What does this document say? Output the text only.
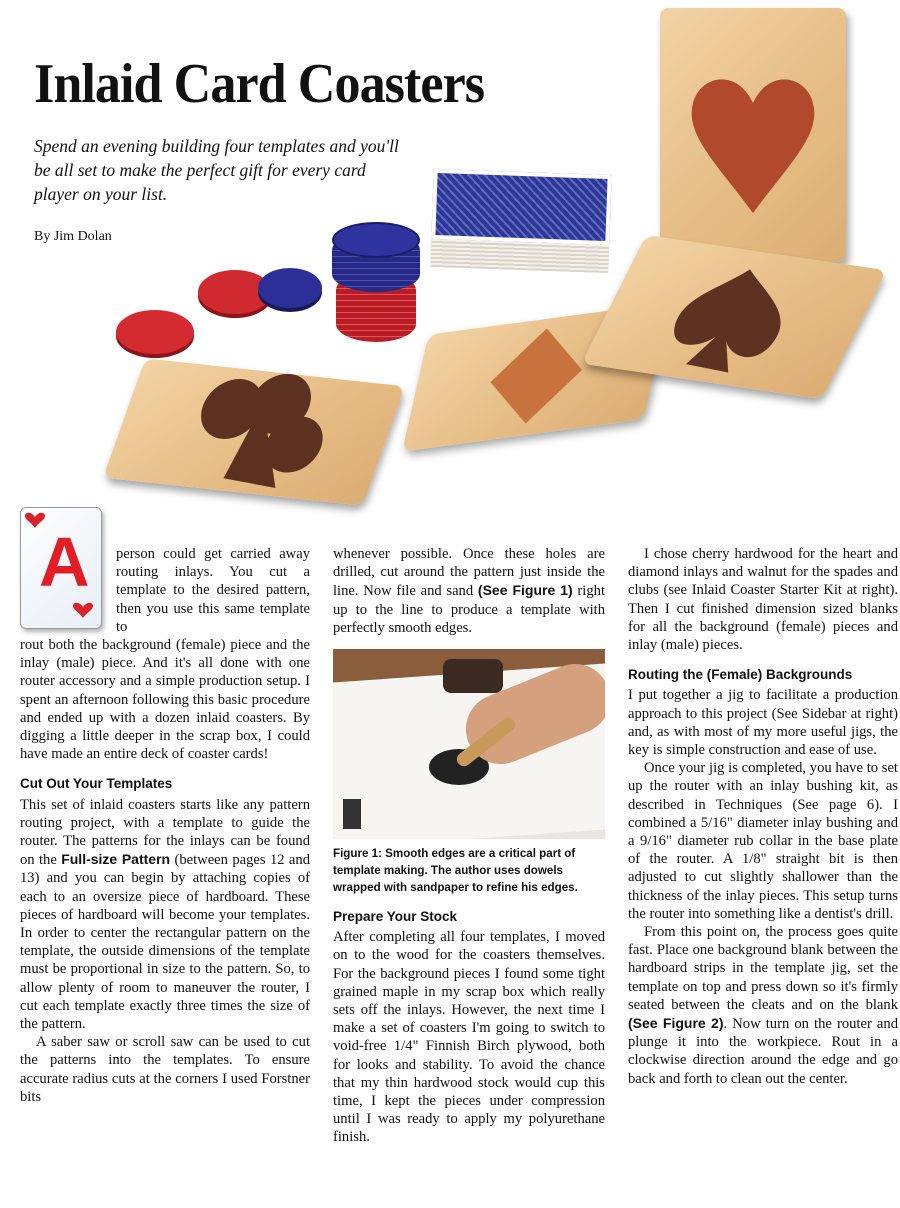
Inlaid Card Coasters

Spend an evening building four templates and you'll be all set to make the perfect gift for every card player on your list.

By Jim Dolan

A person could get carried away routing inlays. You cut a template to the desired pattern, then you use this same template to
rout both the background (female) piece and the inlay (male) piece. And it's all done with one router accessory and a simple production setup. I spent an afternoon following this basic procedure and ended up with a dozen inlaid coasters. By digging a little deeper in the scrap box, I could have made an entire deck of coaster cards!

Cut Out Your Templates

This set of inlaid coasters starts like any pattern routing project, with a template to guide the router. The patterns for the inlays can be found on the Full-size Pattern (between pages 12 and 13) and you can begin by attaching copies of each to an oversize piece of hardboard. These pieces of hardboard will become your templates. In order to center the rectangular pattern on the template, the outside dimensions of the template must be proportional in size to the pattern. So, to allow plenty of room to maneuver the router, I cut each template exactly three times the size of the pattern.

A saber saw or scroll saw can be used to cut the patterns into the templates. To ensure accurate radius cuts at the corners I used Forstner bits

whenever possible. Once these holes are drilled, cut around the pattern just inside the line. Now file and sand (See Figure 1) right up to the line to produce a template with perfectly smooth edges.

Figure 1: Smooth edges are a critical part of template making. The author uses dowels wrapped with sandpaper to refine his edges.

Prepare Your Stock

After completing all four templates, I moved on to the wood for the coasters themselves. For the background pieces I found some tight grained maple in my scrap box which really sets off the inlays. However, the next time I make a set of coasters I'm going to switch to void-free 1/4" Finnish Birch plywood, both for looks and stability. To avoid the chance that my thin hardwood stock would cup this time, I kept the pieces under compression until I was ready to apply my polyurethane finish.

I chose cherry hardwood for the heart and diamond inlays and walnut for the spades and clubs (see Inlaid Coaster Starter Kit at right). Then I cut finished dimension sized blanks for all the background (female) pieces and inlay (male) pieces.

Routing the (Female) Backgrounds

I put together a jig to facilitate a production approach to this project (See Sidebar at right) and, as with most of my more useful jigs, the key is simple construction and ease of use.

Once your jig is completed, you have to set up the router with an inlay bushing kit, as described in Techniques (See page 6). I combined a 5/16" diameter inlay bushing and a 9/16" diameter rub collar in the base plate of the router. A 1/8" straight bit is then adjusted to cut slightly shallower than the thickness of the inlay pieces. This setup turns the router into something like a dentist's drill.

From this point on, the process goes quite fast. Place one background blank between the hardboard strips in the template jig, set the template on top and press down so it's firmly seated between the cleats and on the blank (See Figure 2). Now turn on the router and plunge it into the workpiece. Rout in a clockwise direction around the edge and go back and forth to clean out the center.
